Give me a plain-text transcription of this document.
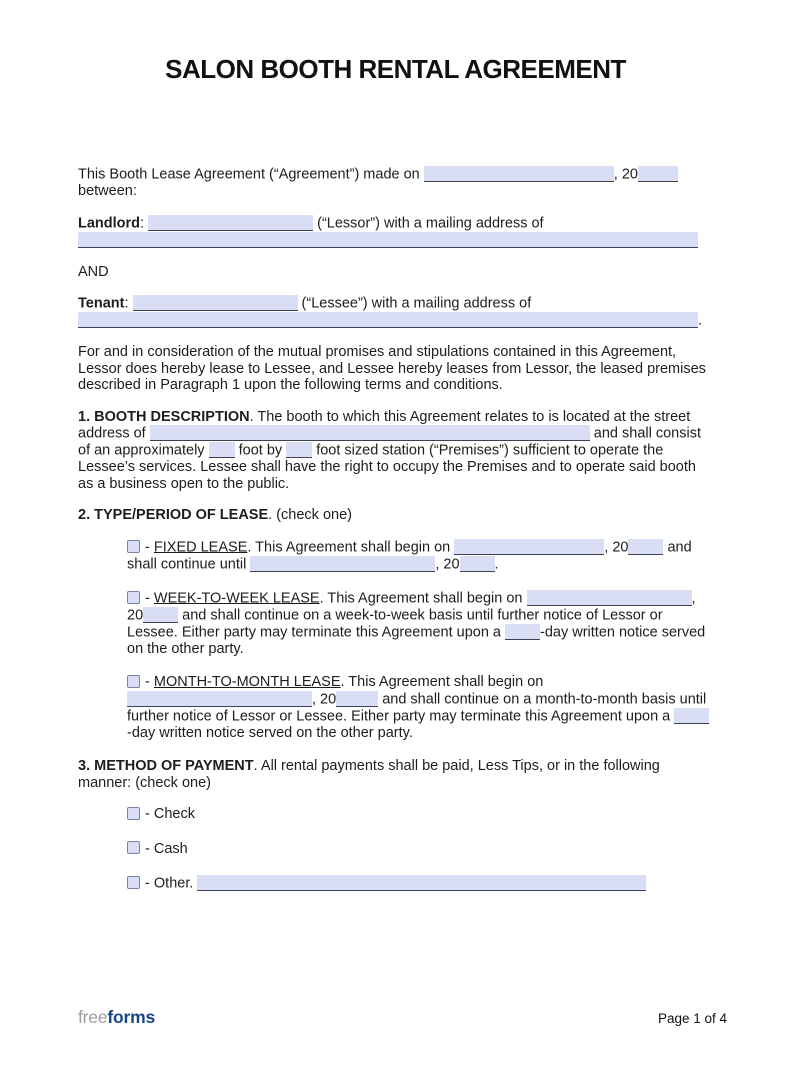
SALON BOOTH RENTAL AGREEMENT
This Booth Lease Agreement (“Agreement”) made on	, 20 between:
Landlord:	(“Lessor”) with a mailing address of
AND
Tenant:	(“Lessee”) with a mailing address of .
For and in consideration of the mutual promises and stipulations contained in this Agreement, Lessor does hereby lease to Lessee, and Lessee hereby leases from Lessor, the leased premises described in Paragraph 1 upon the following terms and conditions.
1. BOOTH DESCRIPTION. The booth to which this Agreement relates to is located at the street address of	and shall consist of an approximately  foot by  foot sized station (“Premises”) sufficient to operate the Lessee’s services. Lessee shall have the right to occupy the Premises and to operate said booth as a business open to the public.
2. TYPE/PERIOD OF LEASE. (check one)
- FIXED LEASE. This Agreement shall begin on	, 20 and shall continue until	, 20 .
- WEEK-TO-WEEK LEASE. This Agreement shall begin on	, 20 and shall continue on a week-to-week basis until further notice of Lessor or Lessee. Either party may terminate this Agreement upon a -day written notice served on the other party.
- MONTH-TO-MONTH LEASE. This Agreement shall begin on , 20	and shall continue on a month-to-month basis until further notice of Lessor or Lessee. Either party may terminate this Agreement upon a -day written notice served on the other party.
3. METHOD OF PAYMENT. All rental payments shall be paid, Less Tips, or in the following manner: (check one)
- Check
- Cash
- Other.
freeforms	Page 1 of 4
